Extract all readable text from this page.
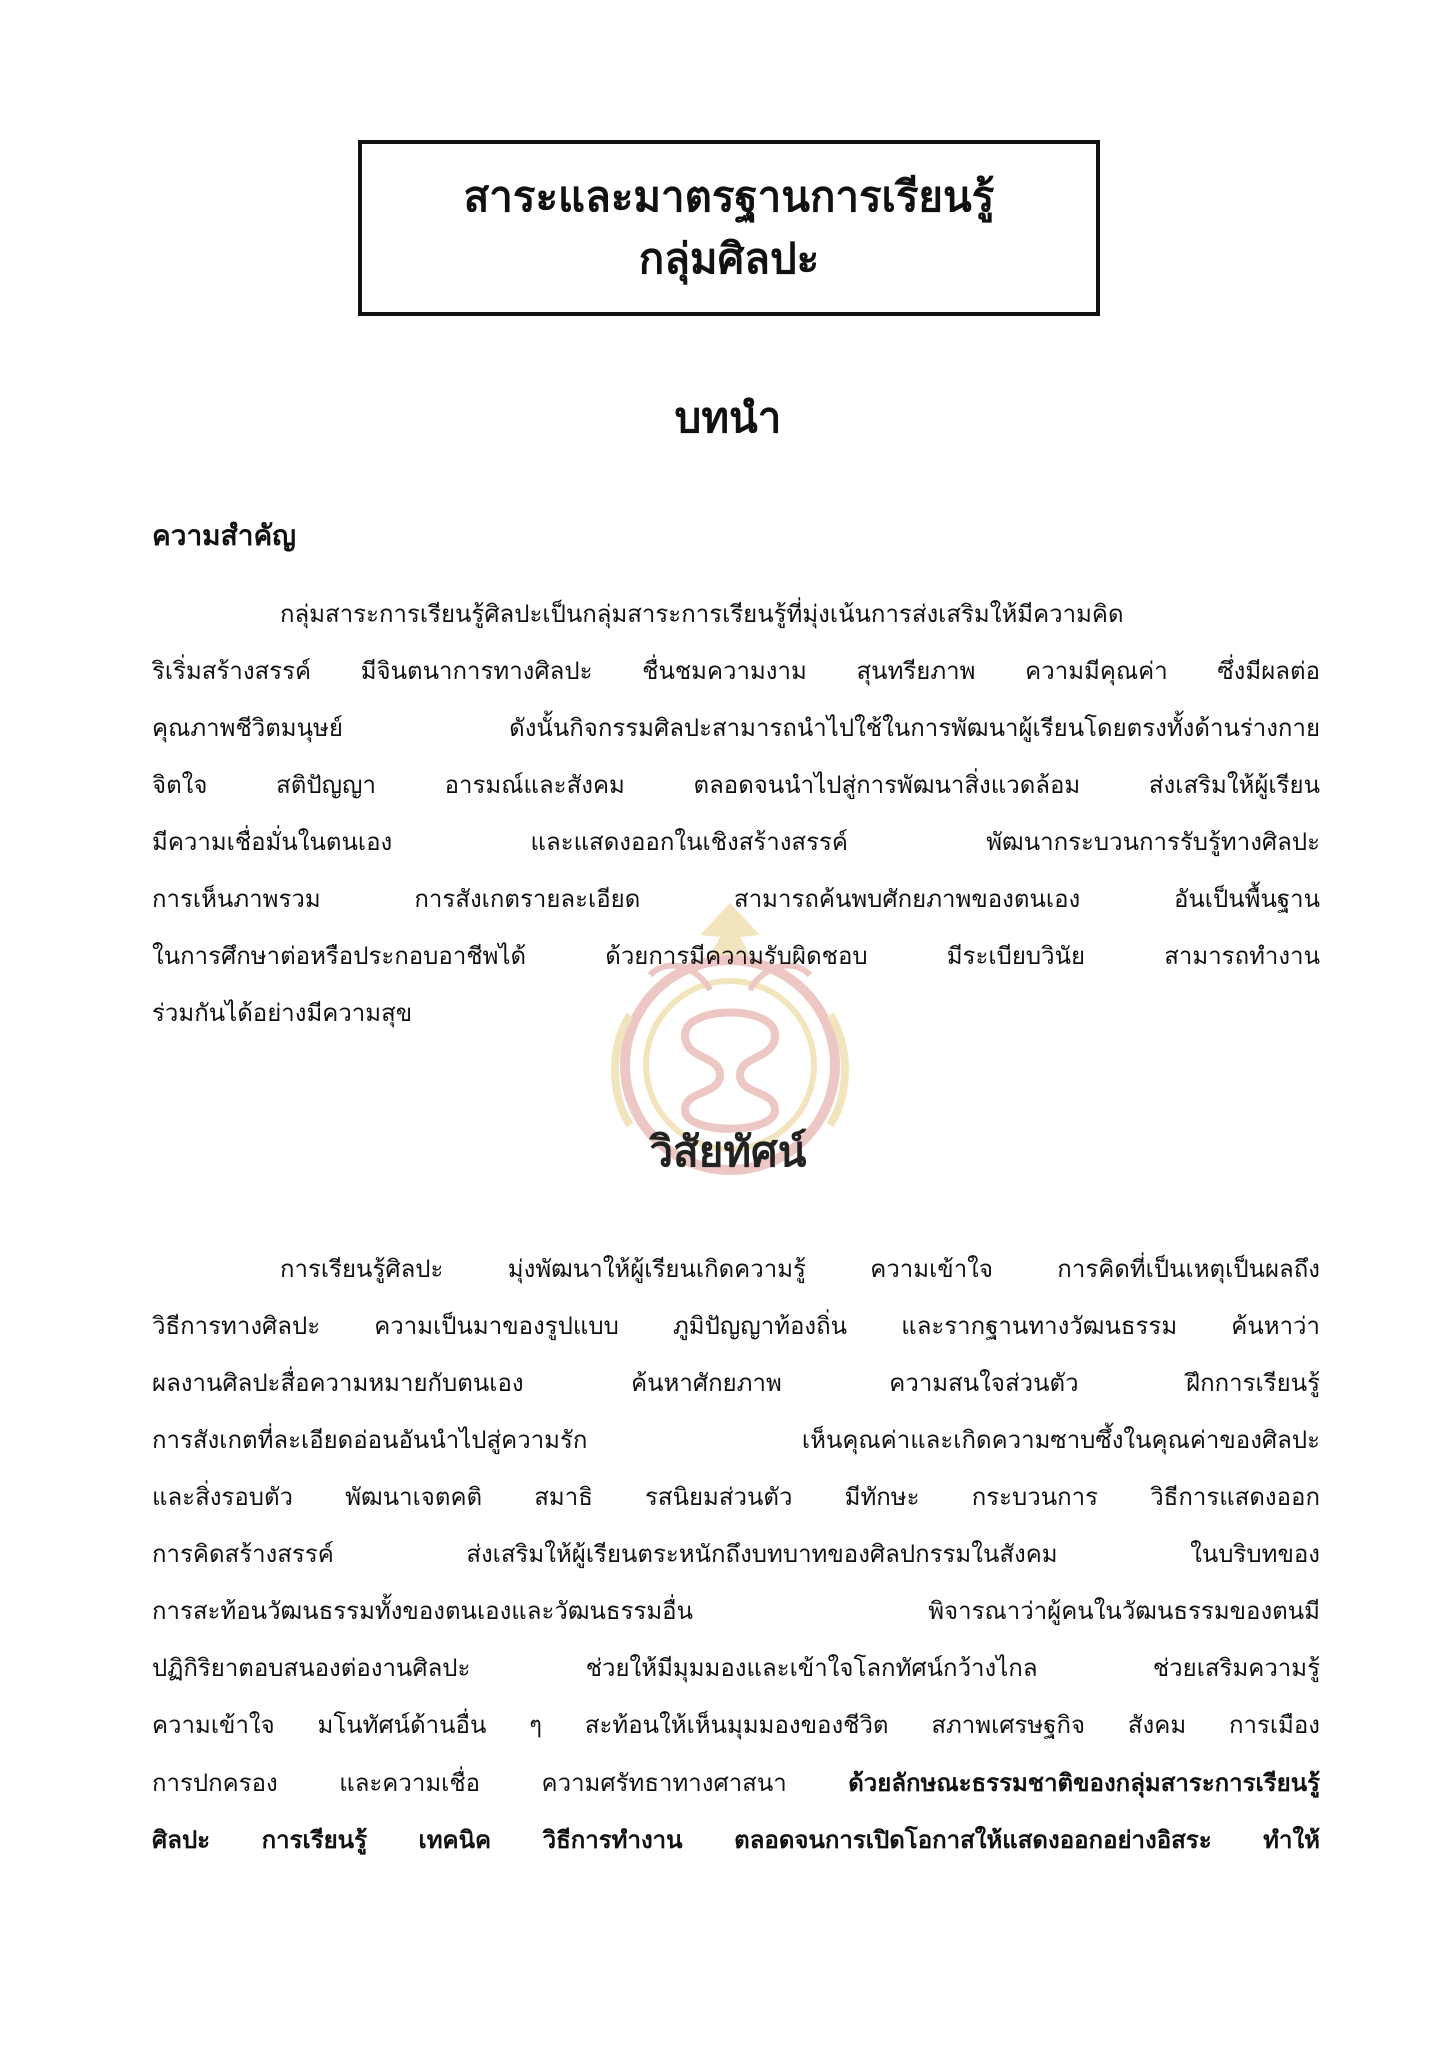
สาระและมาตรฐานการเรียนรู้
กลุ่มศิลปะ
บทนำ
ความสำคัญ
กลุ่มสาระการเรียนรู้ศิลปะเป็นกลุ่มสาระการเรียนรู้ที่มุ่งเน้นการส่งเสริมให้มีความคิด
ริเริ่มสร้างสรรค์ มีจินตนาการทางศิลปะ ชื่นชมความงาม สุนทรียภาพ ความมีคุณค่า ซึ่งมีผลต่อ
คุณภาพชีวิตมนุษย์ ดังนั้นกิจกรรมศิลปะสามารถนำไปใช้ในการพัฒนาผู้เรียนโดยตรงทั้งด้านร่างกาย
จิตใจ สติปัญญา อารมณ์และสังคม ตลอดจนนำไปสู่การพัฒนาสิ่งแวดล้อม ส่งเสริมให้ผู้เรียน
มีความเชื่อมั่นในตนเอง และแสดงออกในเชิงสร้างสรรค์ พัฒนากระบวนการรับรู้ทางศิลปะ
การเห็นภาพรวม การสังเกตรายละเอียด สามารถค้นพบศักยภาพของตนเอง อันเป็นพื้นฐาน
ในการศึกษาต่อหรือประกอบอาชีพได้ ด้วยการมีความรับผิดชอบ มีระเบียบวินัย สามารถทำงาน
ร่วมกันได้อย่างมีความสุข
วิสัยทัศน์
การเรียนรู้ศิลปะ มุ่งพัฒนาให้ผู้เรียนเกิดความรู้ ความเข้าใจ การคิดที่เป็นเหตุเป็นผลถึง
วิธีการทางศิลปะ ความเป็นมาของรูปแบบ ภูมิปัญญาท้องถิ่น และรากฐานทางวัฒนธรรม ค้นหาว่า
ผลงานศิลปะสื่อความหมายกับตนเอง ค้นหาศักยภาพ ความสนใจส่วนตัว ฝึกการเรียนรู้
การสังเกตที่ละเอียดอ่อนอันนำไปสู่ความรัก เห็นคุณค่าและเกิดความซาบซึ้งในคุณค่าของศิลปะ
และสิ่งรอบตัว พัฒนาเจตคติ สมาธิ รสนิยมส่วนตัว มีทักษะ กระบวนการ วิธีการแสดงออก
การคิดสร้างสรรค์ ส่งเสริมให้ผู้เรียนตระหนักถึงบทบาทของศิลปกรรมในสังคม ในบริบทของ
การสะท้อนวัฒนธรรมทั้งของตนเองและวัฒนธรรมอื่น พิจารณาว่าผู้คนในวัฒนธรรมของตนมี
ปฏิกิริยาตอบสนองต่องานศิลปะ ช่วยให้มีมุมมองและเข้าใจโลกทัศน์กว้างไกล ช่วยเสริมความรู้
ความเข้าใจ มโนทัศน์ด้านอื่น ๆ สะท้อนให้เห็นมุมมองของชีวิต สภาพเศรษฐกิจ สังคม การเมือง
การปกครอง และความเชื่อ ความศรัทธาทางศาสนา ด้วยลักษณะธรรมชาติของกลุ่มสาระการเรียนรู้
ศิลปะ การเรียนรู้ เทคนิค วิธีการทำงาน ตลอดจนการเปิดโอกาสให้แสดงออกอย่างอิสระ ทำให้
